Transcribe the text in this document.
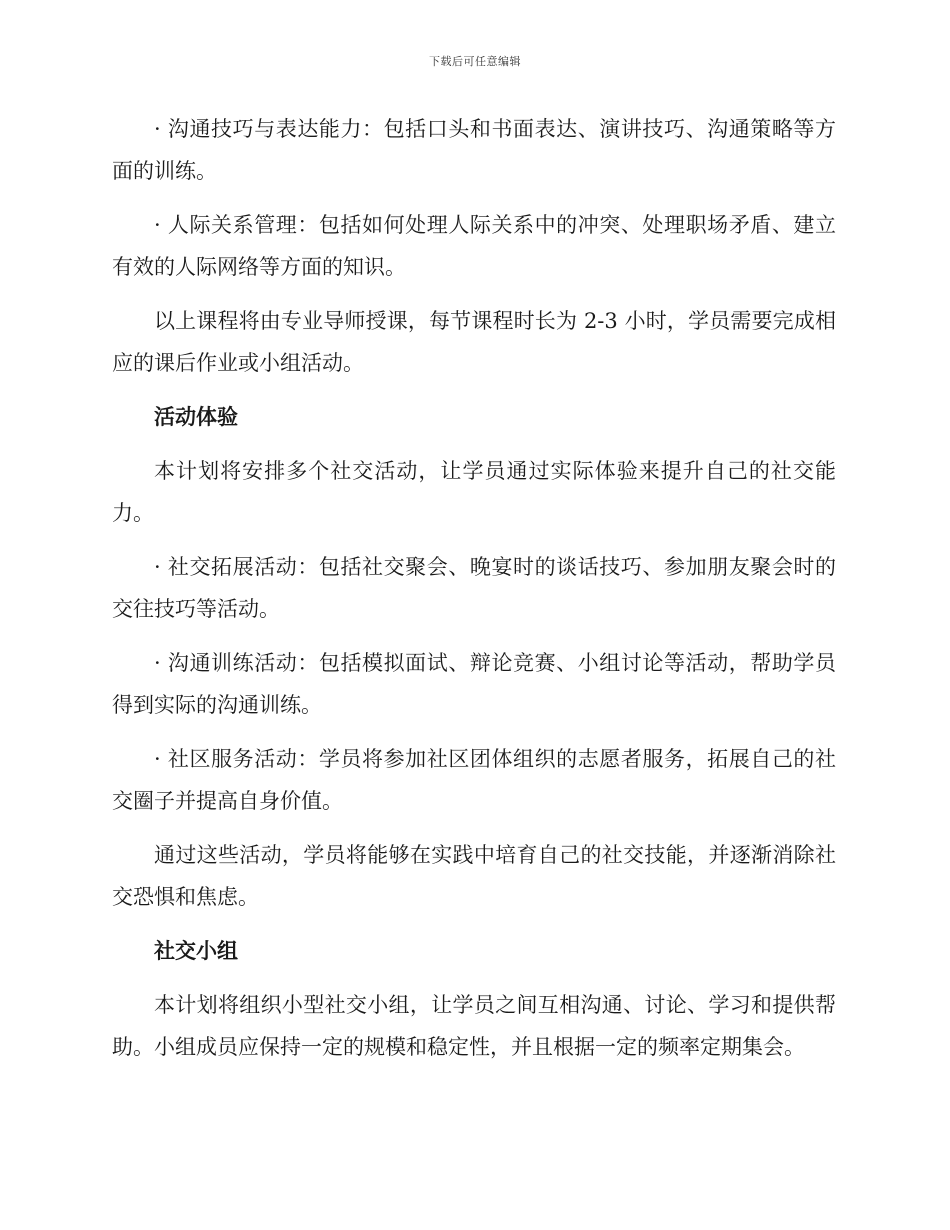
下载后可任意编辑

· 沟通技巧与表达能力：包括口头和书面表达、演讲技巧、沟通策略等方面的训练。

· 人际关系管理：包括如何处理人际关系中的冲突、处理职场矛盾、建立有效的人际网络等方面的知识。

以上课程将由专业导师授课，每节课程时长为 2-3 小时，学员需要完成相应的课后作业或小组活动。

活动体验

本计划将安排多个社交活动，让学员通过实际体验来提升自己的社交能力。

· 社交拓展活动：包括社交聚会、晚宴时的谈话技巧、参加朋友聚会时的交往技巧等活动。

· 沟通训练活动：包括模拟面试、辩论竞赛、小组讨论等活动，帮助学员得到实际的沟通训练。

· 社区服务活动：学员将参加社区团体组织的志愿者服务，拓展自己的社交圈子并提高自身价值。

通过这些活动，学员将能够在实践中培育自己的社交技能，并逐渐消除社交恐惧和焦虑。

社交小组

本计划将组织小型社交小组，让学员之间互相沟通、讨论、学习和提供帮助。小组成员应保持一定的规模和稳定性，并且根据一定的频率定期集会。
